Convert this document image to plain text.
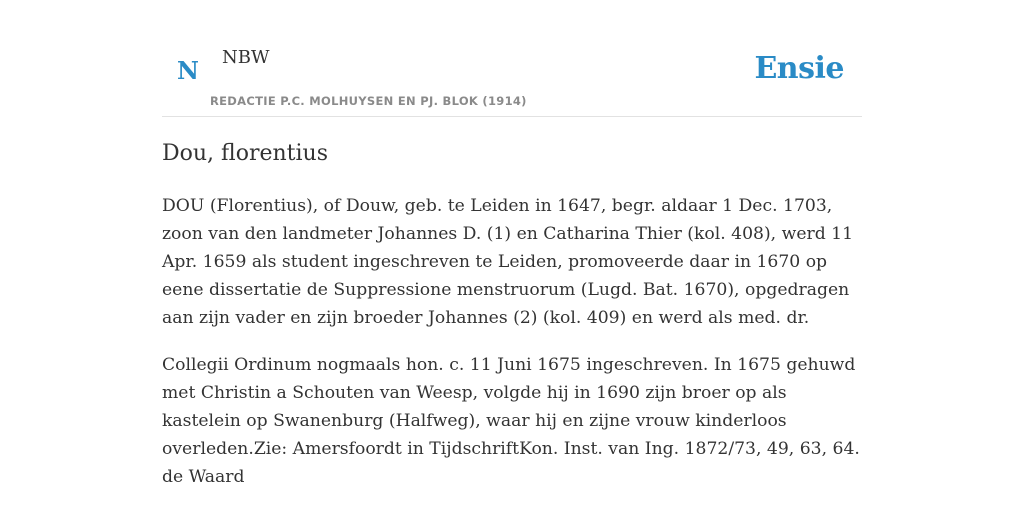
N NBW
REDACTIE P.C. MOLHUYSEN EN PJ. BLOK (1914)
Ensie
Dou, florentius

DOU (Florentius), of Douw, geb. te Leiden in 1647, begr. aldaar 1 Dec. 1703, zoon van den landmeter Johannes D. (1) en Catharina Thier (kol. 408), werd 11 Apr. 1659 als student ingeschreven te Leiden, promoveerde daar in 1670 op eene dissertatie de Suppressione menstruorum (Lugd. Bat. 1670), opgedragen aan zijn vader en zijn broeder Johannes (2) (kol. 409) en werd als med. dr.

Collegii Ordinum nogmaals hon. c. 11 Juni 1675 ingeschreven. In 1675 gehuwd met Christin a Schouten van Weesp, volgde hij in 1690 zijn broer op als kastelein op Swanenburg (Halfweg), waar hij en zijne vrouw kinderloos overleden.Zie: Amersfoordt in TijdschriftKon. Inst. van Ing. 1872/73, 49, 63, 64. de Waard
